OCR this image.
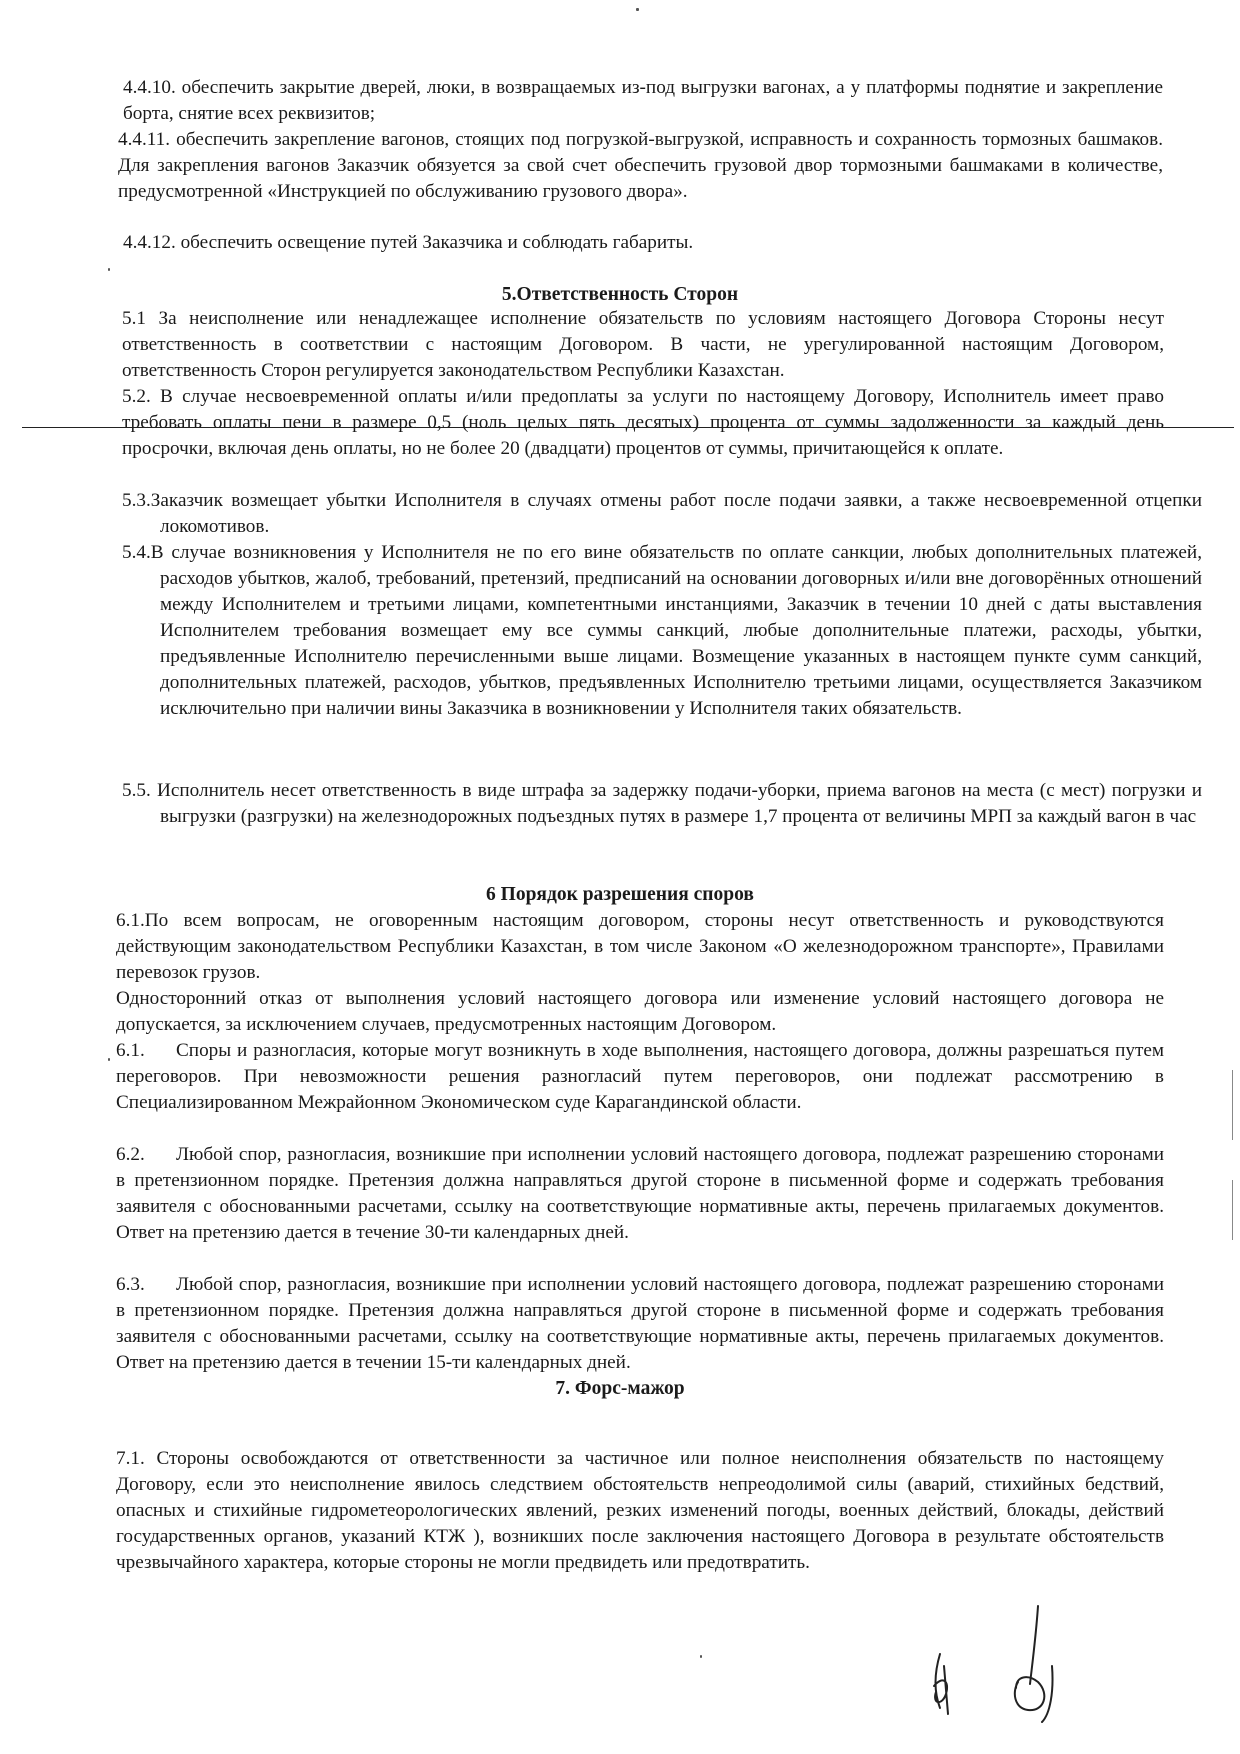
4.4.10. обеспечить закрытие дверей, люки, в возвращаемых из-под выгрузки вагонах, а у платформы поднятие и закрепление борта, снятие всех реквизитов;

4.4.11. обеспечить закрепление вагонов, стоящих под погрузкой-выгрузкой, исправность и сохранность тормозных башмаков. Для закрепления вагонов Заказчик обязуется за свой счет обеспечить грузовой двор тормозными башмаками в количестве, предусмотренной «Инструкцией по обслуживанию грузового двора».

4.4.12. обеспечить освещение путей Заказчика и соблюдать габариты.

5.Ответственность Сторон

5.1 За неисполнение или ненадлежащее исполнение обязательств по условиям настоящего Договора Стороны несут ответственность в соответствии с настоящим Договором. В части, не урегулированной настоящим Договором, ответственность Сторон регулируется законодательством Республики Казахстан.

5.2. В случае несвоевременной оплаты и/или предоплаты за услуги по настоящему Договору, Исполнитель имеет право требовать оплаты пени в размере 0,5 (ноль целых пять десятых) процента от суммы задолженности за каждый день просрочки, включая день оплаты, но не более 20 (двадцати) процентов от суммы, причитающейся к оплате.

5.3.Заказчик возмещает убытки Исполнителя в случаях отмены работ после подачи заявки, а также несвоевременной отцепки локомотивов.

5.4.В случае возникновения у Исполнителя не по его вине обязательств по оплате санкции, любых дополнительных платежей, расходов убытков, жалоб, требований, претензий, предписаний на основании договорных и/или вне договорённых отношений между Исполнителем и третьими лицами, компетентными инстанциями, Заказчик в течении 10 дней с даты выставления Исполнителем требования возмещает ему все суммы санкций, любые дополнительные платежи, расходы, убытки, предъявленные Исполнителю перечисленными выше лицами. Возмещение указанных в настоящем пункте сумм санкций, дополнительных платежей, расходов, убытков, предъявленных Исполнителю третьими лицами, осуществляется Заказчиком исключительно при наличии вины Заказчика в возникновении у Исполнителя таких обязательств.

5.5. Исполнитель несет ответственность в виде штрафа за задержку подачи-уборки, приема вагонов на места (с мест) погрузки и выгрузки (разгрузки) на железнодорожных подъездных путях в размере 1,7 процента от величины МРП за каждый вагон в час

6 Порядок разрешения споров

6.1.По всем вопросам, не оговоренным настоящим договором, стороны несут ответственность и руководствуются действующим законодательством Республики Казахстан, в том числе Законом «О железнодорожном транспорте», Правилами перевозок грузов.

Односторонний отказ от выполнения условий настоящего договора или изменение условий настоящего договора не допускается, за исключением случаев, предусмотренных настоящим Договором.

6.1. Споры и разногласия, которые могут возникнуть в ходе выполнения, настоящего договора, должны разрешаться путем переговоров. При невозможности решения разногласий путем переговоров, они подлежат рассмотрению в Специализированном Межрайонном Экономическом суде Карагандинской области.

6.2. Любой спор, разногласия, возникшие при исполнении условий настоящего договора, подлежат разрешению сторонами в претензионном порядке. Претензия должна направляться другой стороне в письменной форме и содержать требования заявителя с обоснованными расчетами, ссылку на соответствующие нормативные акты, перечень прилагаемых документов. Ответ на претензию дается в течение 30-ти календарных дней.

6.3. Любой спор, разногласия, возникшие при исполнении условий настоящего договора, подлежат разрешению сторонами в претензионном порядке. Претензия должна направляться другой стороне в письменной форме и содержать требования заявителя с обоснованными расчетами, ссылку на соответствующие нормативные акты, перечень прилагаемых документов. Ответ на претензию дается в течении 15-ти календарных дней.

7. Форс-мажор

7.1. Стороны освобождаются от ответственности за частичное или полное неисполнения обязательств по настоящему Договору, если это неисполнение явилось следствием обстоятельств непреодолимой силы (аварий, стихийных бедствий, опасных и стихийные гидрометеорологических явлений, резких изменений погоды, военных действий, блокады, действий государственных органов, указаний КТЖ ), возникших после заключения настоящего Договора в результате обстоятельств чрезвычайного характера, которые стороны не могли предвидеть или предотвратить.
